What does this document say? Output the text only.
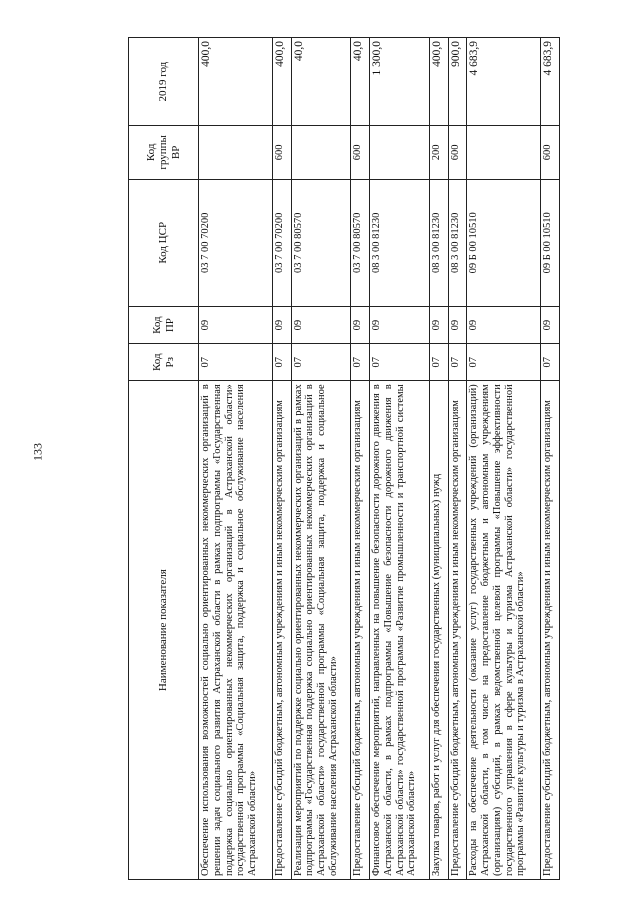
133
Наименование показателя	Код Рз	Код ПР	Код ЦСР	Код группы ВР	2019 год
Обеспечение использования возможностей социально ориентированных некоммерческих организаций в решении задач социального развития Астраханской области в рамках подпрограммы «Государственная поддержка социально ориентированных некоммерческих организаций в Астраханской области» государственной программы «Социальная защита, поддержка и социальное обслуживание населения Астраханской области»	07	09	03 7 00 70200		400,0
Предоставление субсидий бюджетным, автономным учреждениям и иным некоммерческим организациям	07	09	03 7 00 70200	600	400,0
Реализация мероприятий по поддержке социально ориентированных некоммерческих организаций в рамках подпрограммы «Государственная поддержка социально ориентированных некоммерческих организаций в Астраханской области» государственной программы «Социальная защита, поддержка и социальное обслуживание населения Астраханской области»	07	09	03 7 00 80570		40,0
Предоставление субсидий бюджетным, автономным учреждениям и иным некоммерческим организациям	07	09	03 7 00 80570	600	40,0
Финансовое обеспечение мероприятий, направленных на повышение безопасности дорожного движения в Астраханской области, в рамках подпрограммы «Повышение безопасности дорожного движения в Астраханской области» государственной программы «Развитие промышленности и транспортной системы Астраханской области»	07	09	08 3 00 81230		1 300,0
Закупка товаров, работ и услуг для обеспечения государственных (муниципальных) нужд	07	09	08 3 00 81230	200	400,0
Предоставление субсидий бюджетным, автономным учреждениям и иным некоммерческим организациям	07	09	08 3 00 81230	600	900,0
Расходы на обеспечение деятельности (оказание услуг) государственных учреждений (организаций) Астраханской области, в том числе на предоставление бюджетным и автономным учреждениям (организациям) субсидий, в рамках ведомственной целевой программы «Повышение эффективности государственного управления в сфере культуры и туризма Астраханской области» государственной программы «Развитие культуры и туризма в Астраханской области»	07	09	09 Б 00 10510		4 683,9
Предоставление субсидий бюджетным, автономным учреждениям и иным некоммерческим организациям	07	09	09 Б 00 10510	600	4 683,9
